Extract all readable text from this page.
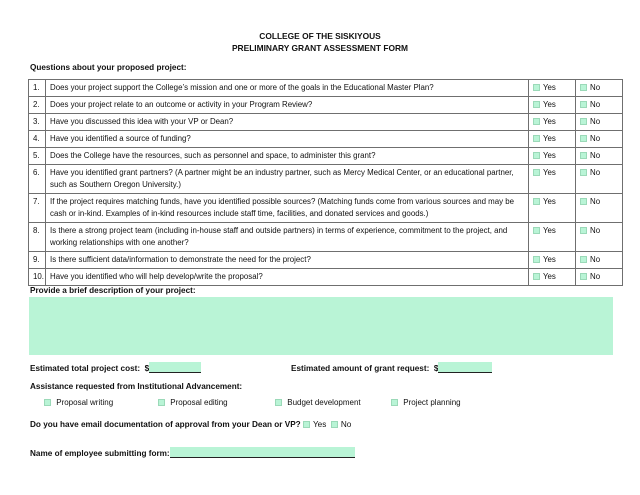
COLLEGE OF THE SISKIYOUS
PRELIMINARY GRANT ASSESSMENT FORM
Questions about your proposed project:
1.	Does your project support the College’s mission and one or more of the goals in the Educational Master Plan?	Yes	No
2.	Does your project relate to an outcome or activity in your Program Review?	Yes	No
3.	Have you discussed this idea with your VP or Dean?	Yes	No
4.	Have you identified a source of funding?	Yes	No
5.	Does the College have the resources, such as personnel and space, to administer this grant?	Yes	No
6.	Have you identified grant partners? (A partner might be an industry partner, such as Mercy Medical Center, or an educational partner, such as Southern Oregon University.)	Yes	No
7.	If the project requires matching funds, have you identified possible sources? (Matching funds come from various sources and may be cash or in-kind. Examples of in-kind resources include staff time, facilities, and donated services and goods.)	Yes	No
8.	Is there a strong project team (including in-house staff and outside partners) in terms of experience, commitment to the project, and working relationships with one another?	Yes	No
9.	Is there sufficient data/information to demonstrate the need for the project?	Yes	No
10.	Have you identified who will help develop/write the proposal?	Yes	No
Provide a brief description of your project:
Estimated total project cost: $	Estimated amount of grant request: $
Assistance requested from Institutional Advancement:
Proposal writing	Proposal editing	Budget development	Project planning
Do you have email documentation of approval from your Dean or VP? Yes No
Name of employee submitting form:
